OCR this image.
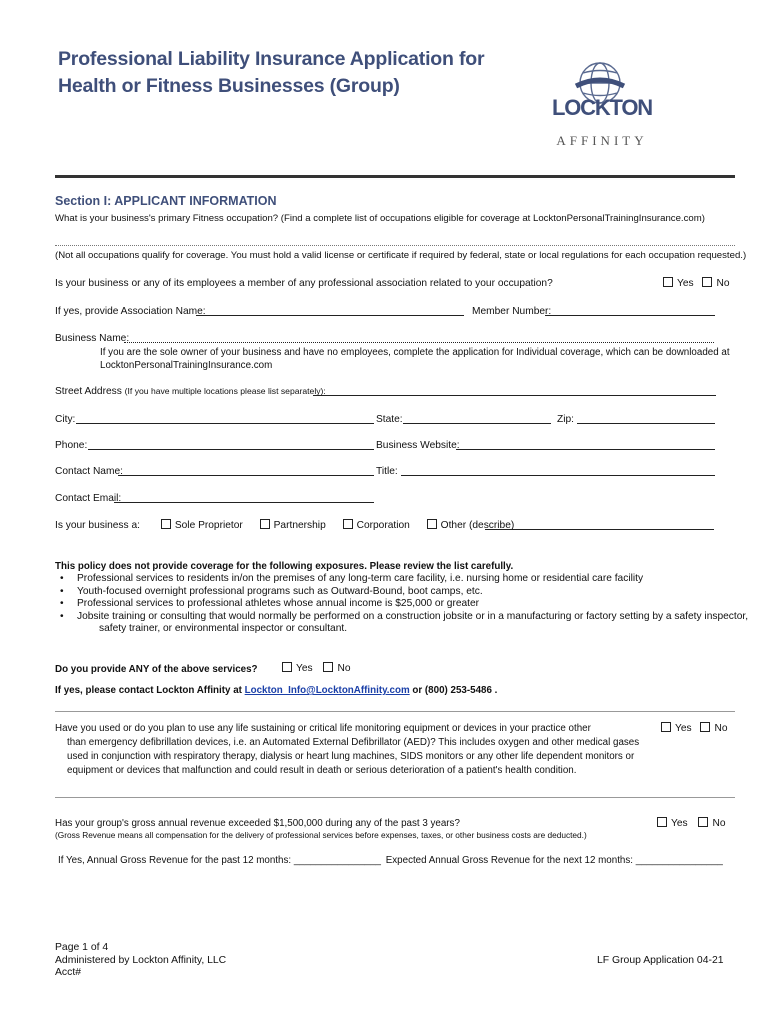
Professional Liability Insurance Application for
Health or Fitness Businesses (Group)
LOCKTON
AFFINITY
Section I: APPLICANT INFORMATION
What is your business's primary Fitness occupation? (Find a complete list of occupations eligible for coverage at LocktonPersonalTrainingInsurance.com)
(Not all occupations qualify for coverage. You must hold a valid license or certificate if required by federal, state or local regulations for each occupation requested.)
Is your business or any of its employees a member of any professional association related to your occupation?	Yes No
If yes, provide Association Name:	Member Number:
Business Name:
If you are the sole owner of your business and have no employees, complete the application for Individual coverage, which can be downloaded at
LocktonPersonalTrainingInsurance.com
Street Address (If you have multiple locations please list separately):
City:	State:	Zip:
Phone:	Business Website:
Contact Name:	Title:
Contact Email:
Is your business a:	Sole Proprietor	Partnership	Corporation	Other (describe)
This policy does not provide coverage for the following exposures. Please review the list carefully.
• Professional services to residents in/on the premises of any long-term care facility, i.e. nursing home or residential care facility
• Youth-focused overnight professional programs such as Outward-Bound, boot camps, etc.
• Professional services to professional athletes whose annual income is $25,000 or greater
• Jobsite training or consulting that would normally be performed on a construction jobsite or in a manufacturing or factory setting by a safety inspector,
safety trainer, or environmental inspector or consultant.
Do you provide ANY of the above services?	Yes No
If yes, please contact Lockton Affinity at Lockton_Info@LocktonAffinity.com or (800) 253-5486 .
Have you used or do you plan to use any life sustaining or critical life monitoring equipment or devices in your practice other
than emergency defibrillation devices, i.e. an Automated External Defibrillator (AED)? This includes oxygen and other medical gases
used in conjunction with respiratory therapy, dialysis or heart lung machines, SIDS monitors or any other life dependent monitors or
equipment or devices that malfunction and could result in death or serious deterioration of a patient's health condition.
Yes No
Has your group's gross annual revenue exceeded $1,500,000 during any of the past 3 years?	Yes No
(Gross Revenue means all compensation for the delivery of professional services before expenses, taxes, or other business costs are deducted.)
If Yes, Annual Gross Revenue for the past 12 months: ________________ Expected Annual Gross Revenue for the next 12 months: ________________
Page 1 of 4
Administered by Lockton Affinity, LLC
Acct#
LF Group Application 04-21
